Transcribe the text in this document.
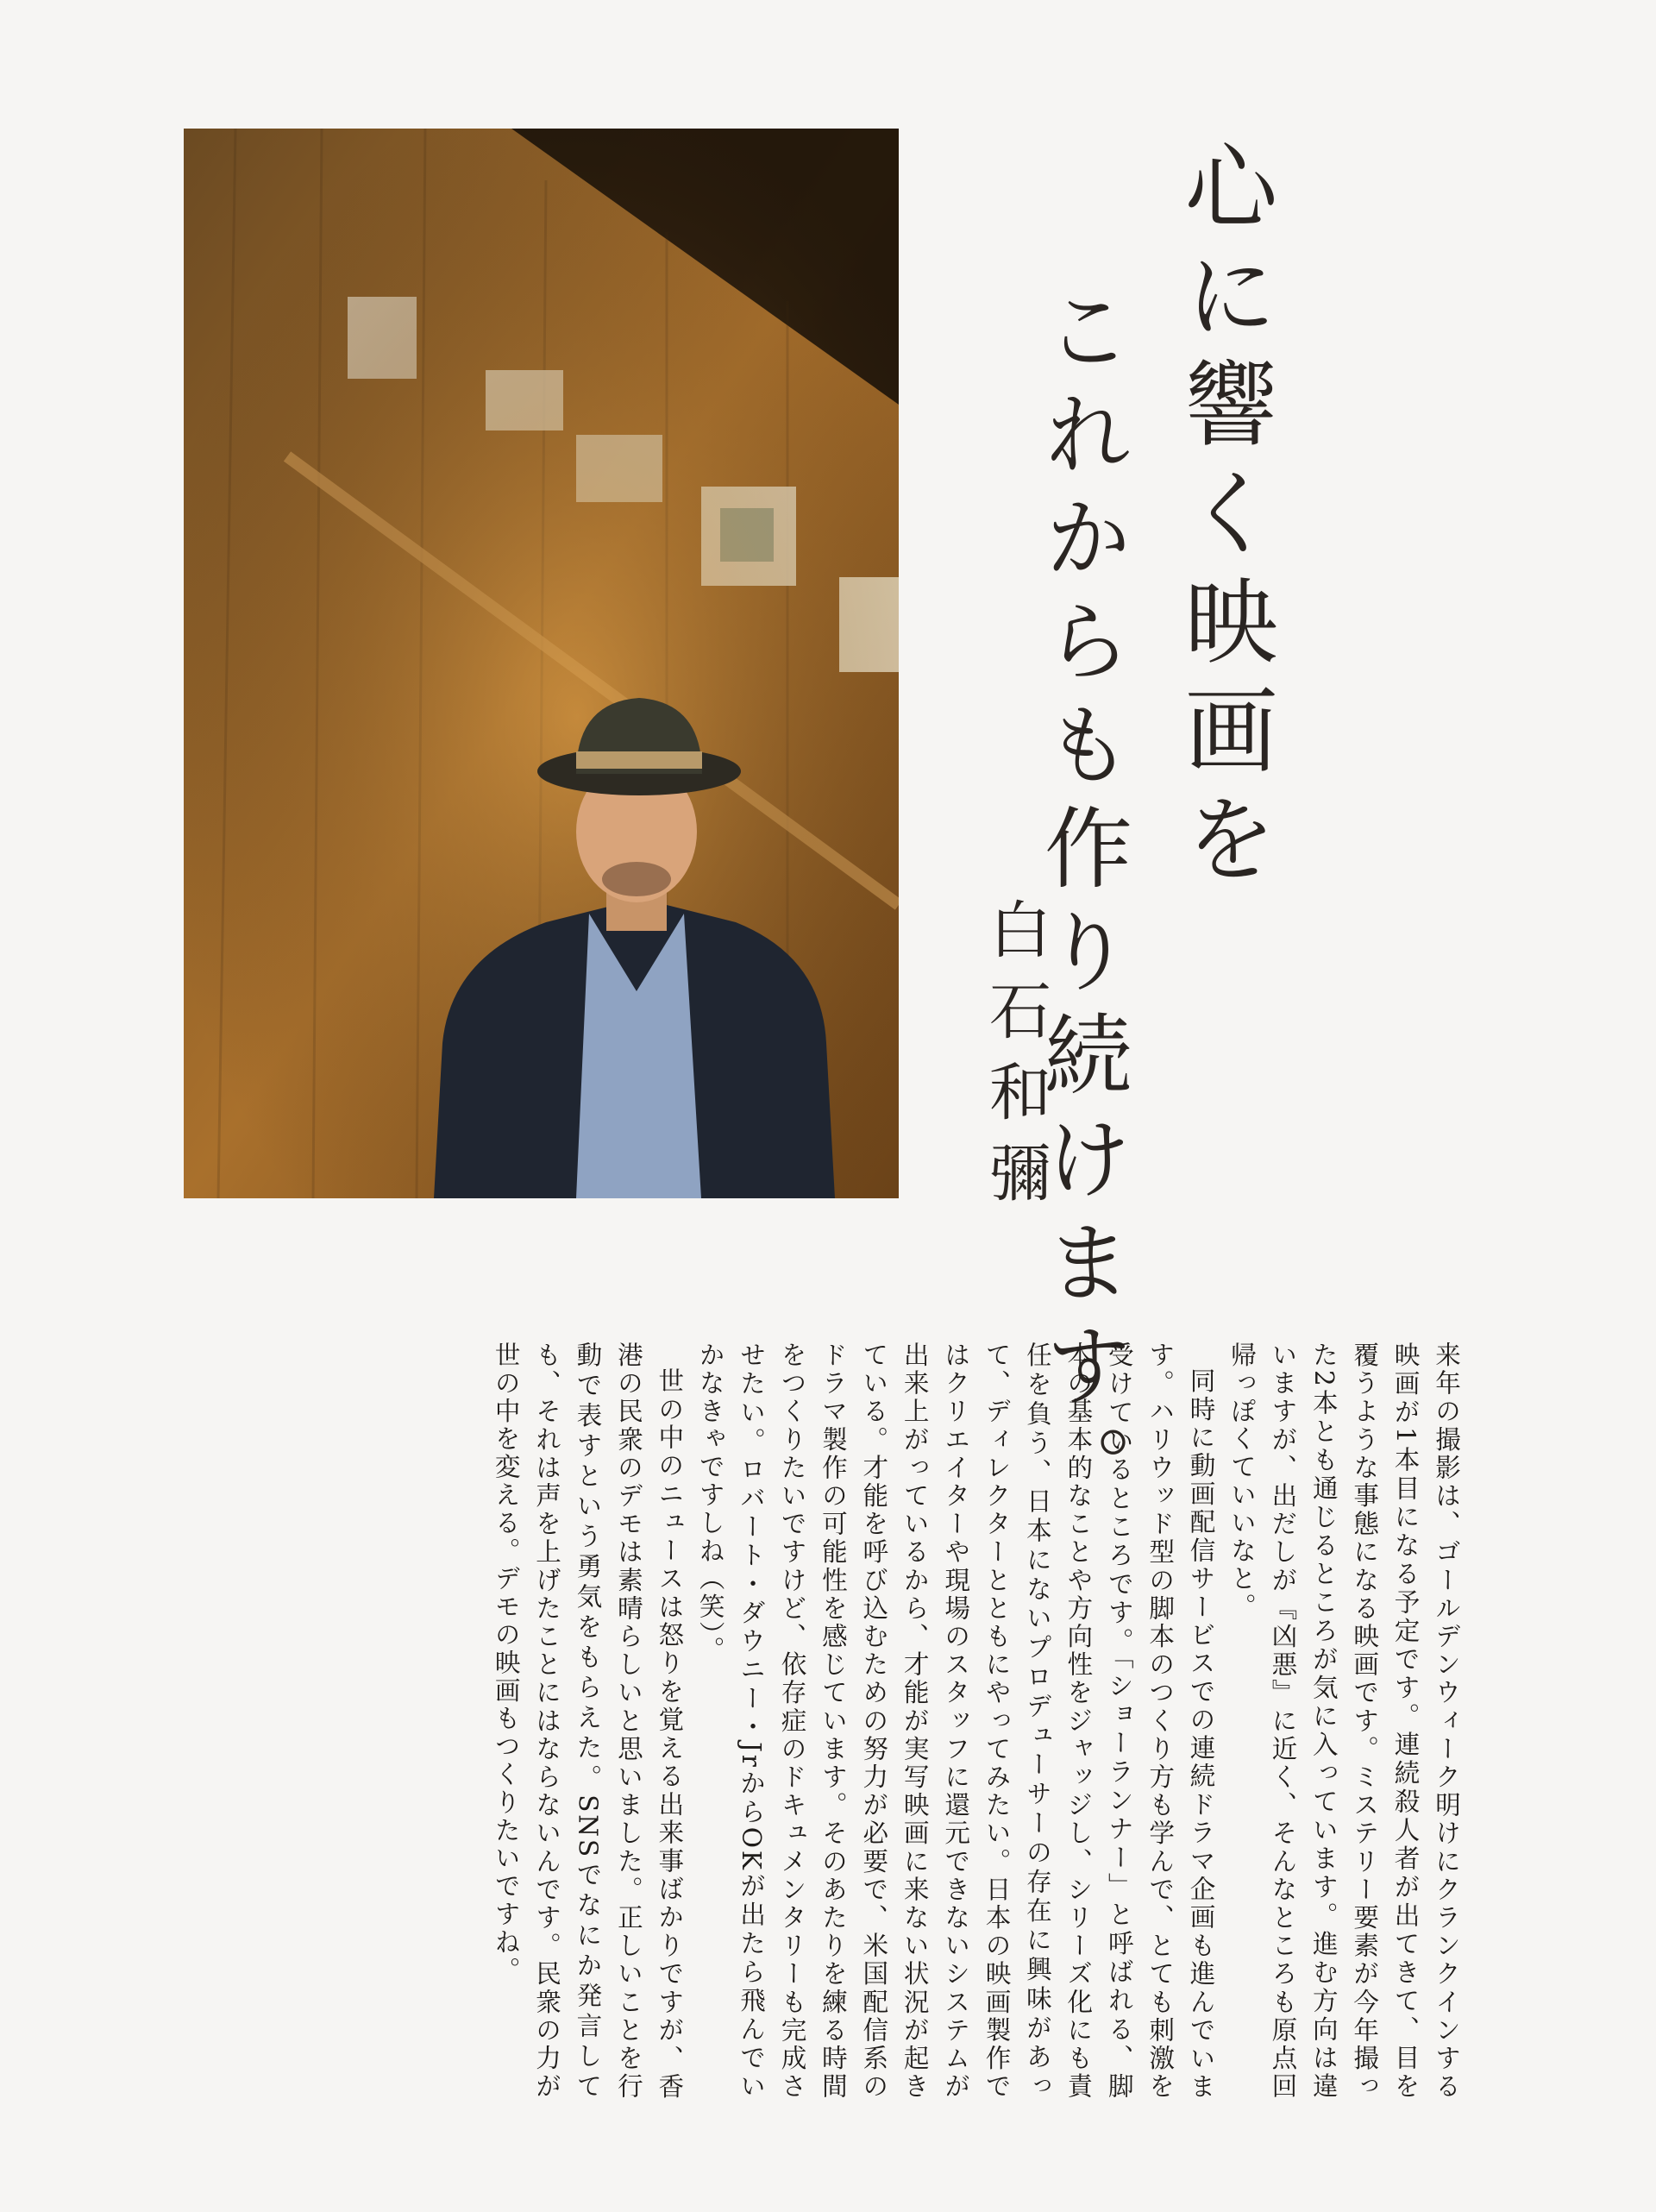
心に響く映画を
これからも作り続けます。
白石和彌

来年の撮影は、ゴールデンウィーク明けにクランクインする映画が1本目になる予定です。連続殺人者が出てきて、目を覆うような事態になる映画です。ミステリー要素が今年撮った2本とも通じるところが気に入っています。進む方向は違いますが、出だしが『凶悪』に近く、そんなところも原点回帰っぽくていいなと。

同時に動画配信サービスでの連続ドラマ企画も進んでいます。ハリウッド型の脚本のつくり方も学んで、とても刺激を受けているところです。「ショーランナー」と呼ばれる、脚本の基本的なことや方向性をジャッジし、シリーズ化にも責任を負う、日本にないプロデューサーの存在に興味があって、ディレクターとともにやってみたい。日本の映画製作ではクリエイターや現場のスタッフに還元できないシステムが出来上がっているから、才能が実写映画に来ない状況が起きている。才能を呼び込むための努力が必要で、米国配信系のドラマ製作の可能性を感じています。そのあたりを練る時間をつくりたいですけど、依存症のドキュメンタリーも完成させたい。ロバート・ダウニー・JrからOKが出たら飛んでいかなきゃですしね（笑）。

世の中のニュースは怒りを覚える出来事ばかりですが、香港の民衆のデモは素晴らしいと思いました。正しいことを行動で表すという勇気をもらえた。SNSでなにか発言しても、それは声を上げたことにはならないんです。民衆の力が世の中を変える。デモの映画もつくりたいですね。
